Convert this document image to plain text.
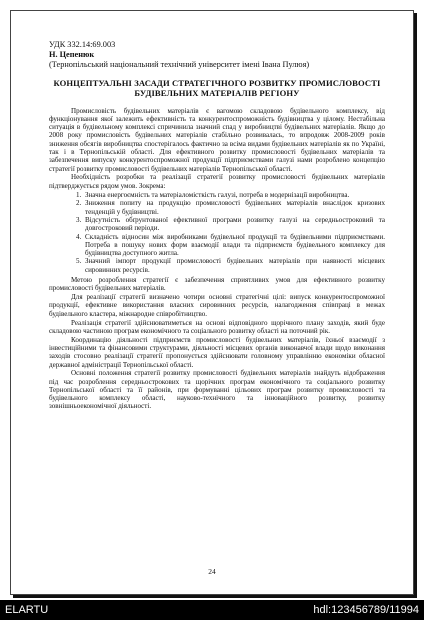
УДК 332.14:69.003
Н. Цепенюк
(Тернопільський національний технічний університет імені Івана Пулюя)
КОНЦЕПТУАЛЬНІ ЗАСАДИ СТРАТЕГІЧНОГО РОЗВИТКУ ПРОМИСЛОВОСТІ БУДІВЕЛЬНИХ МАТЕРІАЛІВ РЕГІОНУ

Промисловість будівельних матеріалів є вагомою складовою будівельного комплексу, від функціонування якої залежить ефективність та конкурентоспроможність будівництва у цілому. Нестабільна ситуація в будівельному комплексі спричинила значний спад у виробництві будівельних матеріалів. Якщо до 2008 року промисловість будівельних матеріалів стабільно розвивалась, то впродовж 2008-2009 років зниження обсягів виробництва спостерігалось фактично за всіма видами будівельних матеріалів як по Україні, так і в Тернопільській області. Для ефективного розвитку промисловості будівельних матеріалів та забезпечення випуску конкурентоспроможної продукції підприємствами галузі нами розроблено концепцію стратегії розвитку промисловості будівельних матеріалів Тернопільської області.

Необхідність розробки та реалізації стратегії розвитку промисловості будівельних матеріалів підтверджується рядом умов. Зокрема:

1. Значна енергоємність та матеріаломісткість галузі, потреба в модернізації виробництва.
2. Зниження попиту на продукцію промисловості будівельних матеріалів внаслідок кризових тенденцій у будівництві.
3. Відсутність обґрунтованої ефективної програми розвитку галузі на середньостроковий та довгостроковий періоди.
4. Складність відносин між виробниками будівельної продукції та будівельними підприємствами. Потреба в пошуку нових форм взаємодії влади та підприємств будівельного комплексу для будівництва доступного житла.
5. Значний імпорт продукції промисловості будівельних матеріалів при наявності місцевих сировинних ресурсів.

Метою розроблення стратегії є забезпечення сприятливих умов для ефективного розвитку промисловості будівельних матеріалів.

Для реалізації стратегії визначено чотири основні стратегічні цілі: випуск конкурентоспроможної продукції, ефективне використання власних сировинних ресурсів, налагодження співпраці в межах будівельного кластера, міжнародне співробітництво.

Реалізація стратегії здійснюватиметься на основі відповідного щорічного плану заходів, який буде складовою частиною програм економічного та соціального розвитку області на поточний рік.

Координацію діяльності підприємств промисловості будівельних матеріалів, їхньої взаємодії з інвестиційними та фінансовими структурами, діяльності місцевих органів виконавчої влади щодо виконання заходів стосовно реалізації стратегії пропонується здійснювати головному управлінню економіки обласної державної адміністрації Тернопільської області.

Основні положення стратегії розвитку промисловості будівельних матеріалів знайдуть відображення під час розроблення середньострокових та щорічних програм економічного та соціального розвитку Тернопільської області та її районів, при формуванні цільових програм розвитку промисловості та будівельного комплексу області, науково-технічного та інноваційного розвитку, розвитку зовнішньоекономічної діяльності.

24
ELARTU	hdl:123456789/11994
